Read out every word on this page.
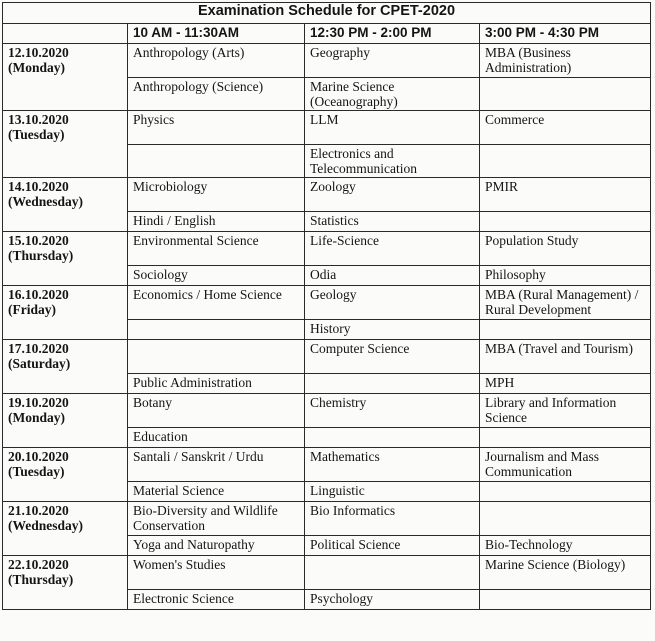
Examination Schedule for CPET-2020			
	10 AM - 11:30AM	12:30 PM - 2:00 PM	3:00 PM - 4:30 PM

12.10.2020
(Monday)	Anthropology (Arts)	Geography	MBA (Business Administration)
	Anthropology (Science)	Marine Science (Oceanography)	

13.10.2020
(Tuesday)	Physics	LLM	Commerce
		Electronics and Telecommunication	

14.10.2020
(Wednesday)	Microbiology	Zoology	PMIR
	Hindi / English	Statistics	

15.10.2020
(Thursday)	Environmental Science	Life-Science	Population Study
	Sociology	Odia	Philosophy

16.10.2020
(Friday)	Economics / Home Science	Geology	MBA (Rural Management) / Rural Development
		History	

17.10.2020
(Saturday)		Computer Science	MBA (Travel and Tourism)
	Public Administration		MPH

19.10.2020
(Monday)	Botany	Chemistry	Library and Information Science
	Education		

20.10.2020
(Tuesday)	Santali / Sanskrit / Urdu	Mathematics	Journalism and Mass Communication
	Material Science	Linguistic	

21.10.2020
(Wednesday)	Bio-Diversity and Wildlife Conservation	Bio Informatics	
	Yoga and Naturopathy	Political Science	Bio-Technology

22.10.2020
(Thursday)	Women's Studies		Marine Science (Biology)
	Electronic Science	Psychology	
